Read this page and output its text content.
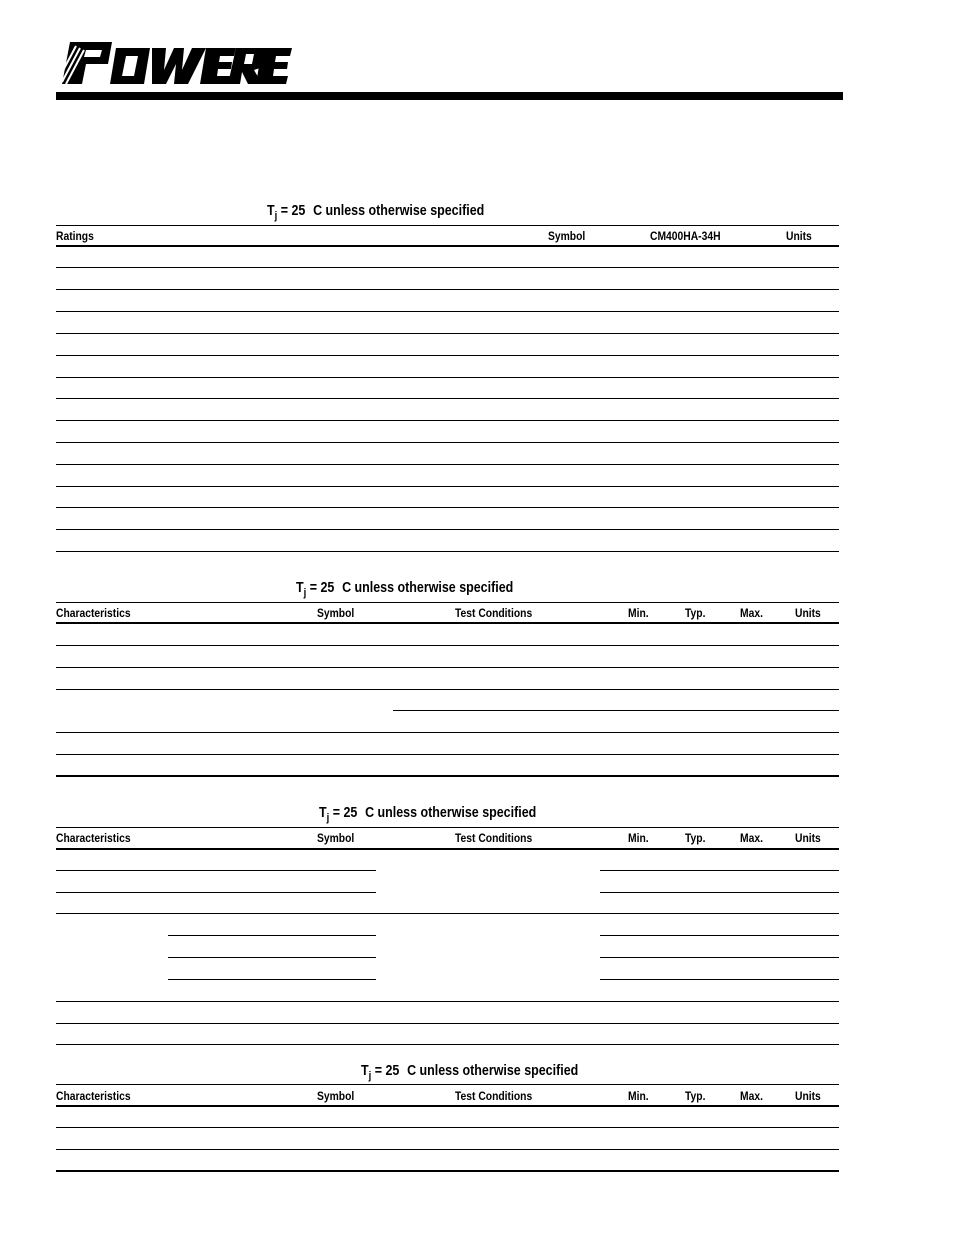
$T_j = 25$ C unless otherwise specified
Ratings	Symbol	CM400HA-34H	Units
$T_j = 25$ C unless otherwise specified
Characteristics	Symbol	Test Conditions	Min.	Typ.	Max.	Units
$T_j = 25$ C unless otherwise specified
Characteristics	Symbol	Test Conditions	Min.	Typ.	Max.	Units
$T_j = 25$ C unless otherwise specified
Characteristics	Symbol	Test Conditions	Min.	Typ.	Max.	Units
